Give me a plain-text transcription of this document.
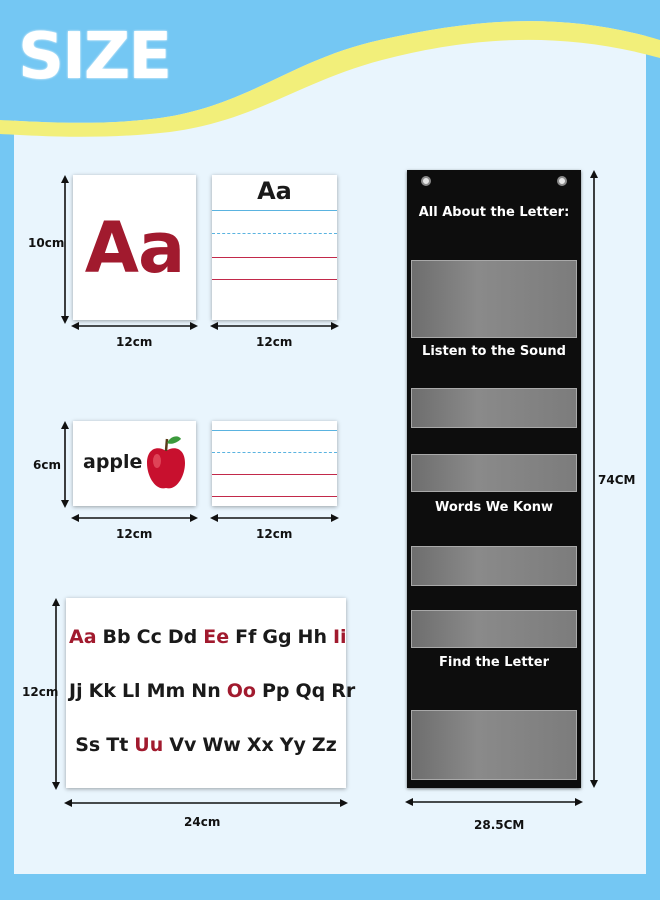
SIZE
Aa
Aa
apple
Aa Bb Cc Dd Ee Ff Gg Hh Ii
Jj Kk Ll Mm Nn Oo Pp Qq Rr
Ss Tt Uu Vv Ww Xx Yy Zz
All About the Letter:
Listen to the Sound
Words We Konw
Find the Letter
10cm
12cm	12cm
6cm
12cm	12cm
12cm
24cm
74CM
28.5CM
